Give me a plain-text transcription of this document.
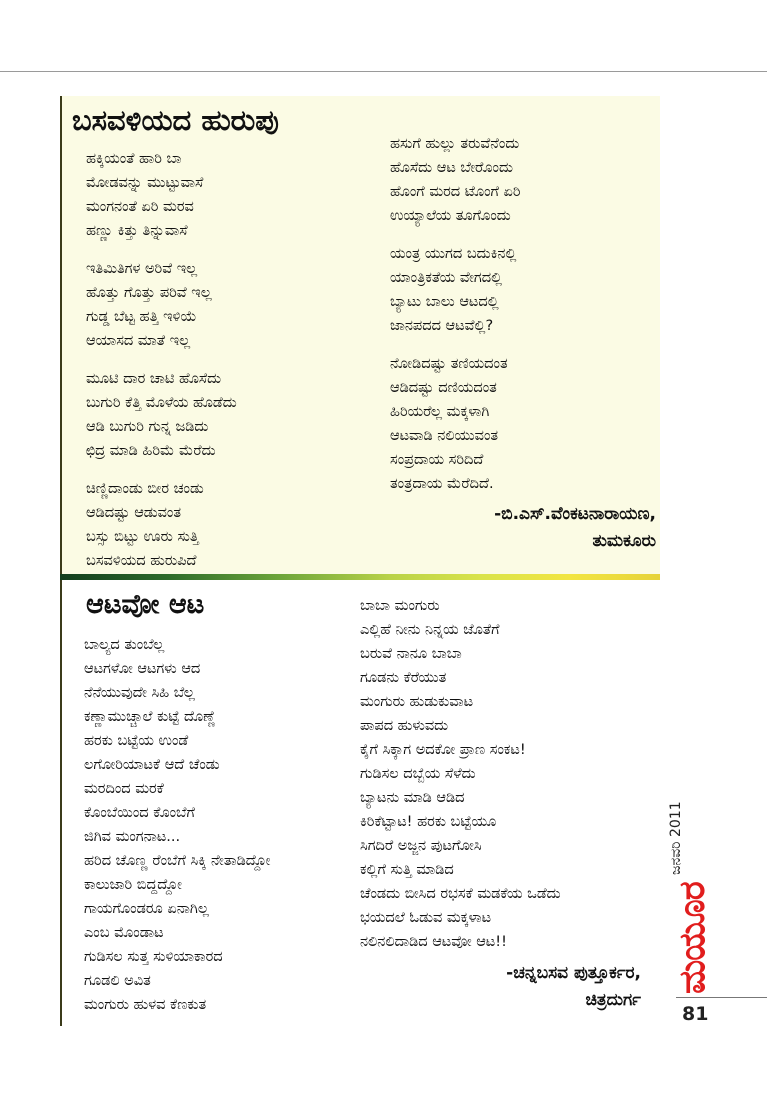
ಬಸವಳಿಯದ ಹುರುಪು
ಹಕ್ಕಿಯಂತೆ ಹಾರಿ ಬಾ
ಮೋಡವನ್ನು ಮುಟ್ಟುವಾಸೆ
ಮಂಗನಂತೆ ಏರಿ ಮರವ
ಹಣ್ಣು ಕಿತ್ತು ತಿನ್ನುವಾಸೆ
ಇತಿಮಿತಿಗಳ ಅರಿವೆ ಇಲ್ಲ
ಹೊತ್ತು ಗೊತ್ತು ಪರಿವೆ ಇಲ್ಲ
ಗುಡ್ಡ ಬೆಟ್ಟ ಹತ್ತಿ ಇಳಿಯೆ
ಆಯಾಸದ ಮಾತೆ ಇಲ್ಲ
ಮೂಟಿ ದಾರ ಚಾಟಿ ಹೊಸೆದು
ಬುಗುರಿ ಕೆತ್ತಿ ಮೊಳೆಯ ಹೊಡೆದು
ಆಡಿ ಬುಗುರಿ ಗುನ್ನ ಜಡಿದು
ಛಿದ್ರ ಮಾಡಿ ಹಿರಿಮೆ ಮೆರೆದು
ಚಿಣ್ಣಿದಾಂಡು ಬೀರ ಚಂಡು
ಆಡಿದಷ್ಟು ಆಡುವಂತ
ಬಸ್ಸು ಬಿಟ್ಟು ಊರು ಸುತ್ತಿ
ಬಸವಳಿಯದ ಹುರುಪಿದೆ
ಹಸುಗೆ ಹುಲ್ಲು ತರುವೆನೆಂದು
ಹೊಸೆದು ಆಟ ಬೇರೊಂದು
ಹೊಂಗೆ ಮರದ ಟೊಂಗೆ ಏರಿ
ಉಯ್ಯಾಲೆಯ ತೂಗೊಂದು
ಯಂತ್ರ ಯುಗದ ಬದುಕಿನಲ್ಲಿ
ಯಾಂತ್ರಿಕತೆಯ ವೇಗದಲ್ಲಿ
ಬ್ಯಾಟು ಬಾಲು ಆಟದಲ್ಲಿ
ಜಾನಪದದ ಆಟವೆಲ್ಲಿ?
ನೋಡಿದಷ್ಟು ತಣಿಯದಂತ
ಆಡಿದಷ್ಟು ದಣಿಯದಂತ
ಹಿರಿಯರೆಲ್ಲ ಮಕ್ಕಳಾಗಿ
ಆಟವಾಡಿ ನಲಿಯುವಂತ
ಸಂಪ್ರದಾಯ ಸರಿದಿದೆ
ತಂತ್ರದಾಯ ಮೆರೆದಿದೆ.
-ಬಿ.ಎಸ್.ವೆಂಕಟನಾರಾಯಣ,
ತುಮಕೂರು
ಆಟವೋ ಆಟ
ಬಾಲ್ಯದ ತುಂಬೆಲ್ಲ
ಆಟಗಳೋ ಆಟಗಳು ಆದ
ನೆನೆಯುವುದೇ ಸಿಹಿ ಬೆಲ್ಲ
ಕಣ್ಣಾಮುಚ್ಚಾಲೆ ಕುಟ್ಟೆ ದೊಣ್ಣೆ
ಹರಕು ಬಟ್ಟೆಯ ಉಂಡೆ
ಲಗೋರಿಯಾಟಕೆ ಆದೆ ಚೆಂಡು
ಮರದಿಂದ ಮರಕೆ
ಕೊಂಬೆಯಿಂದ ಕೊಂಬೆಗೆ
ಜಿಗಿವ ಮಂಗನಾಟ...
ಹರಿದ ಚೊಣ್ಣ ರೆಂಬೆಗೆ ಸಿಕ್ಕಿ ನೇತಾಡಿದ್ದೋ
ಕಾಲುಜಾರಿ ಬಿದ್ದದ್ದೋ
ಗಾಯಗೊಂಡರೂ ಏನಾಗಿಲ್ಲ
ಎಂಬ ಮೊಂಡಾಟ
ಗುಡಿಸಲ ಸುತ್ತ ಸುಳಿಯಾಕಾರದ
ಗೂಡಲಿ ಅವಿತ
ಮಂಗುರು ಹುಳವ ಕೆಣಕುತ
ಬಾಬಾ ಮಂಗುರು
ಎಲ್ಲಿಹೆ ನೀನು ನಿನ್ನಯ ಜೊತೆಗೆ
ಬರುವೆ ನಾನೂ ಬಾಬಾ
ಗೂಡನು ಕೆರೆಯುತ
ಮಂಗುರು ಹುಡುಕುವಾಟ
ಪಾಪದ ಹುಳುವದು
ಕೈಗೆ ಸಿಕ್ಕಾಗ ಅದಕೋ ಪ್ರಾಣ ಸಂಕಟ!
ಗುಡಿಸಲ ದಬ್ಬೆಯ ಸೆಳೆದು
ಬ್ಯಾಟನು ಮಾಡಿ ಆಡಿದ
ಕಿರಿಕೆಟ್ಟಾಟ! ಹರಕು ಬಟ್ಟೆಯೂ
ಸಿಗದಿರೆ ಅಜ್ಜನ ಪುಟಗೋಸಿ
ಕಲ್ಲಿಗೆ ಸುತ್ತಿ ಮಾಡಿದ
ಚೆಂಡದು ಬೀಸಿದ ರಭಸಕೆ ಮಡಕೆಯ ಒಡೆದು
ಭಯದಲೆ ಓಡುವ ಮಕ್ಕಳಾಟ
ನಲಿನಲಿದಾಡಿದ ಆಟವೋ ಆಟ!!
-ಚನ್ನಬಸವ ಪುತ್ತೂರ್ಕರ,
ಚಿತ್ರದುರ್ಗ
ಜನವರಿ 2011
ಮಯೂರ
81
